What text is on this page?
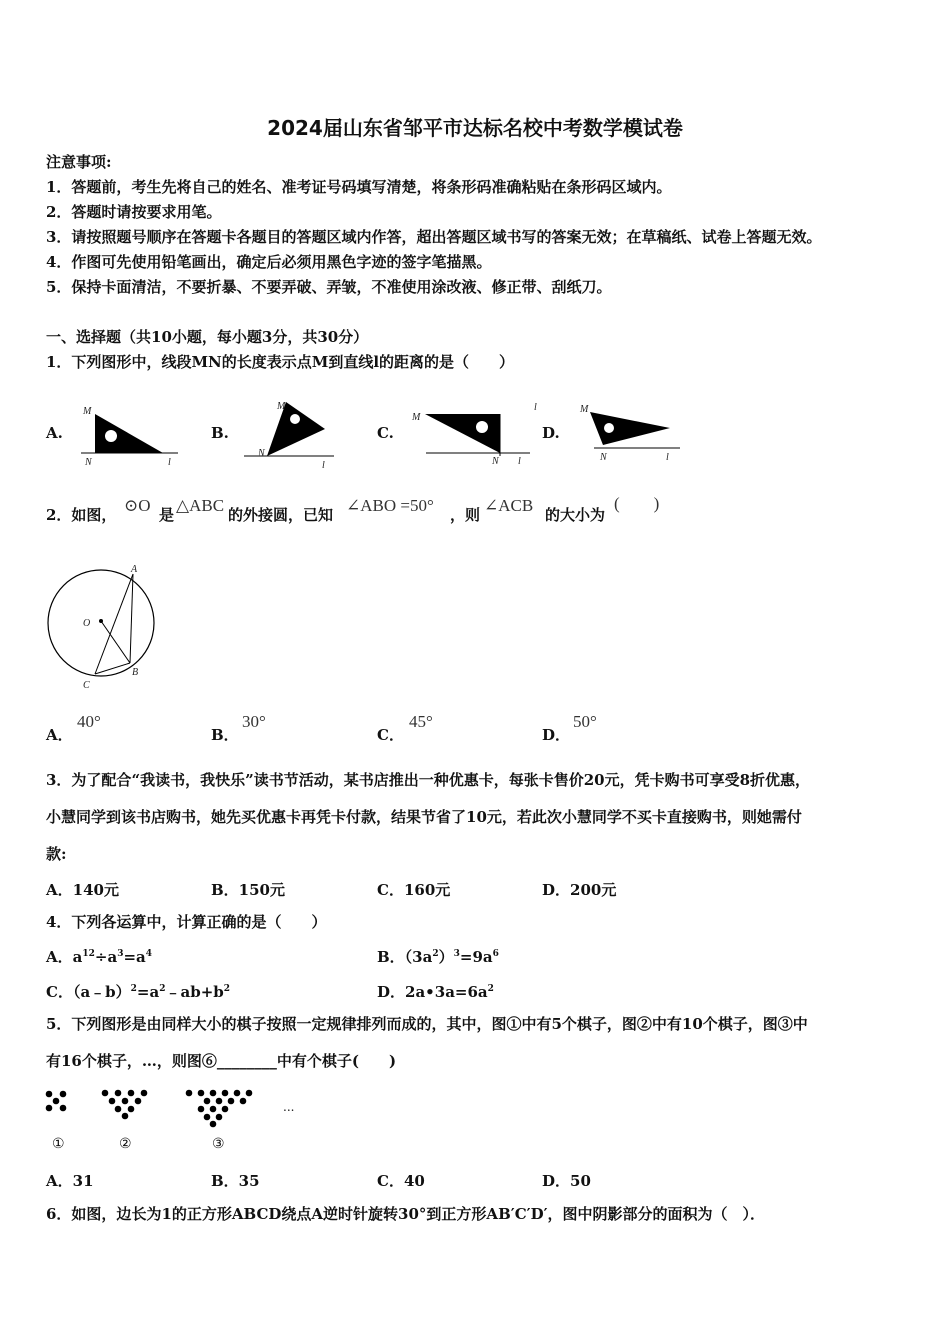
2024届山东省邹平市达标名校中考数学模试卷
注意事项:
1．答题前，考生先将自己的姓名、准考证号码填写清楚，将条形码准确粘贴在条形码区域内。
2．答题时请按要求用笔。
3．请按照题号顺序在答题卡各题目的答题区域内作答，超出答题区域书写的答案无效；在草稿纸、试卷上答题无效。
4．作图可先使用铅笔画出，确定后必须用黑色字迹的签字笔描黑。
5．保持卡面清洁，不要折暴、不要弄破、弄皱，不准使用涂改液、修正带、刮纸刀。
一、选择题（共10小题，每小题3分，共30分）
1．下列图形中，线段MN的长度表示点M到直线l的距离的是（　　）
A.	B.	C.	D.
M
N	l
M
N
l
M
N l
l	M
N	l
2．如图， ⊙O 是 △ABC 的外接圆，已知 ∠ABO =50° ，则 ∠ACB 的大小为
(　　)
A
O
B
C
A．
40°
B．
30°
C．
45°
D．
50°
3．为了配合“我读书，我快乐”读书节活动，某书店推出一种优惠卡，每张卡售价20元，凭卡购书可享受8折优惠，
小慧同学到该书店购书，她先买优惠卡再凭卡付款，结果节省了10元，若此次小慧同学不买卡直接购书，则她需付
款:
A．140元	B．150元	C．160元	D．200元
4．下列各运算中，计算正确的是（　　）
A．$a^{12}\div a^3=a^4$	B．$(3a^2)^3=9a^6$
C．$(a﹣b)^2=a^2﹣ab+b^2$	D．$2a•3a=6a^2$
5．下列图形是由同样大小的棋子按照一定规律排列而成的，其中，图①中有5个棋子，图②中有10个棋子，图③中
有16个棋子，…，则图⑥________中有个棋子(　　)
...
①	②	③
A．31	B．35	C．40	D．50
6．如图，边长为1的正方形ABCD绕点A逆时针旋转30°到正方形AB′C′D′，图中阴影部分的面积为（　）．
